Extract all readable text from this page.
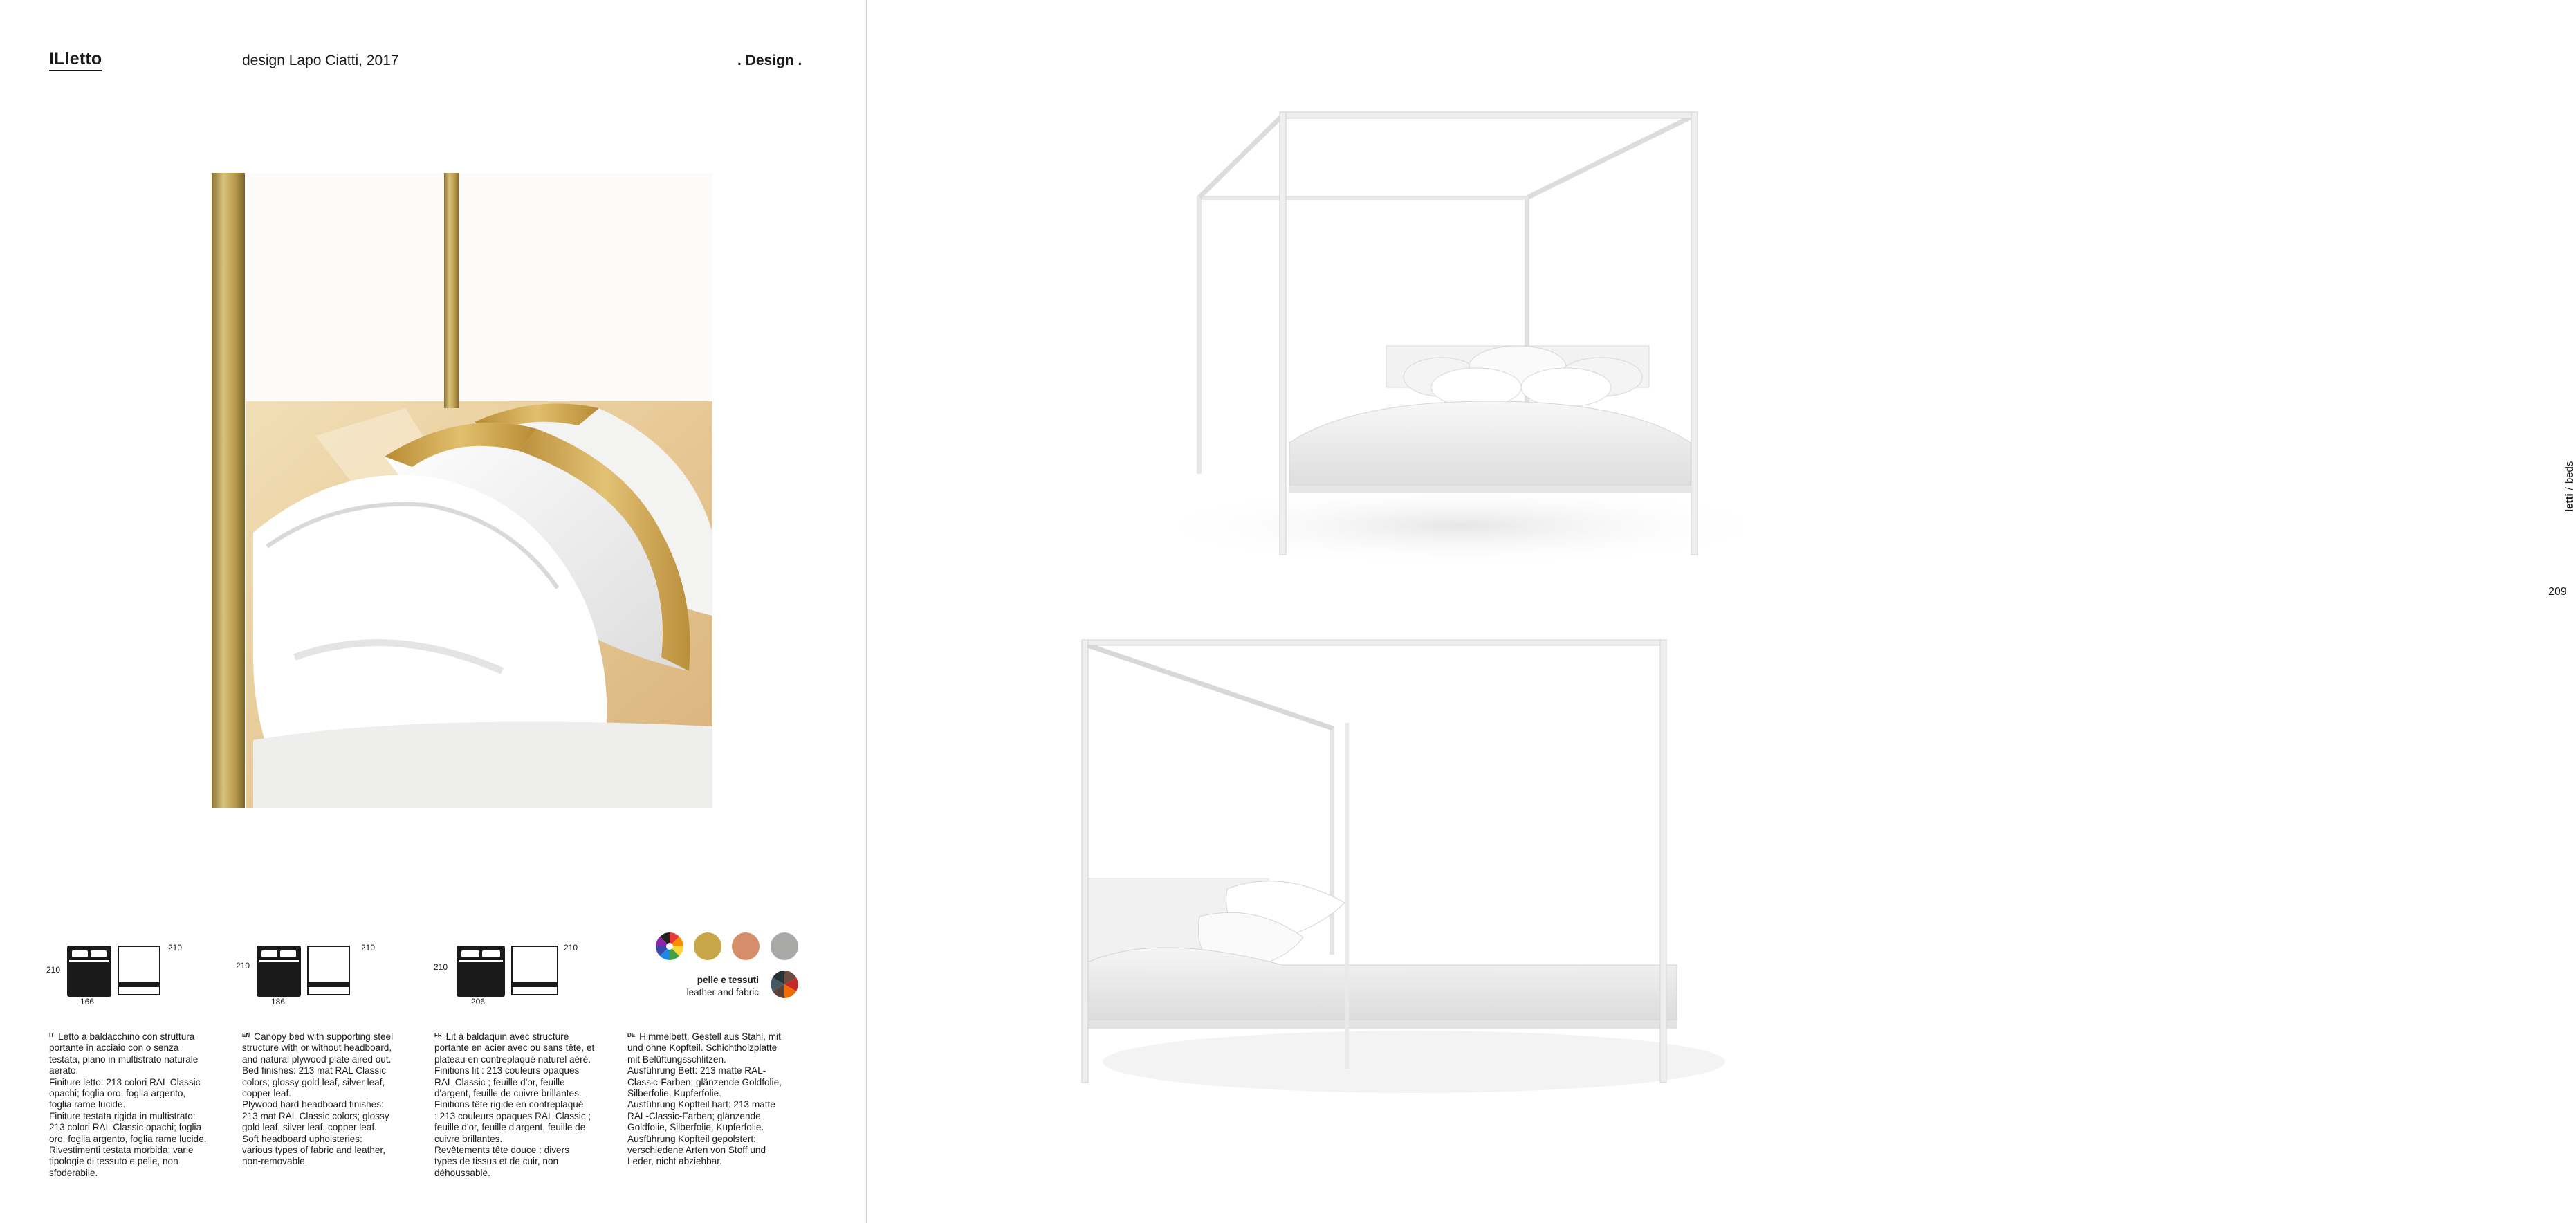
ILletto	design Lapo Ciatti, 2017	. Design .
210
166
210
210
186
210
210
206
210
pelle e tessuti
leather and fabric

$^{IT}$ Letto a baldacchino con struttura
portante in acciaio con o senza
testata, piano in multistrato naturale
aerato.
Finiture letto: 213 colori RAL Classic
opachi; foglia oro, foglia argento,
foglia rame lucide.
Finiture testata rigida in multistrato:
213 colori RAL Classic opachi; foglia
oro, foglia argento, foglia rame lucide.
Rivestimenti testata morbida: varie
tipologie di tessuto e pelle, non
sfoderabile.

$^{EN}$ Canopy bed with supporting steel
structure with or without headboard,
and natural plywood plate aired out.
Bed finishes: 213 mat RAL Classic
colors; glossy gold leaf, silver leaf,
copper leaf.
Plywood hard headboard finishes:
213 mat RAL Classic colors; glossy
gold leaf, silver leaf, copper leaf.
Soft headboard upholsteries:
various types of fabric and leather,
non-removable.

$^{FR}$ Lit à baldaquin avec structure
portante en acier avec ou sans tête, et
plateau en contreplaqué naturel aéré.
Finitions lit : 213 couleurs opaques
RAL Classic ; feuille d'or, feuille
d'argent, feuille de cuivre brillantes.
Finitions tête rigide en contreplaqué
: 213 couleurs opaques RAL Classic ;
feuille d'or, feuille d'argent, feuille de
cuivre brillantes.
Revêtements tête douce : divers
types de tissus et de cuir, non
déhoussable.

$^{DE}$ Himmelbett. Gestell aus Stahl, mit
und ohne Kopfteil. Schichtholzplatte
mit Belüftungsschlitzen.
Ausführung Bett: 213 matte RAL-
Classic-Farben; glänzende Goldfolie,
Silberfolie, Kupferfolie.
Ausführung Kopfteil hart: 213 matte
RAL-Classic-Farben; glänzende
Goldfolie, Silberfolie, Kupferfolie.
Ausführung Kopfteil gepolstert:
verschiedene Arten von Stoff und
Leder, nicht abziehbar.

letti/beds
209
